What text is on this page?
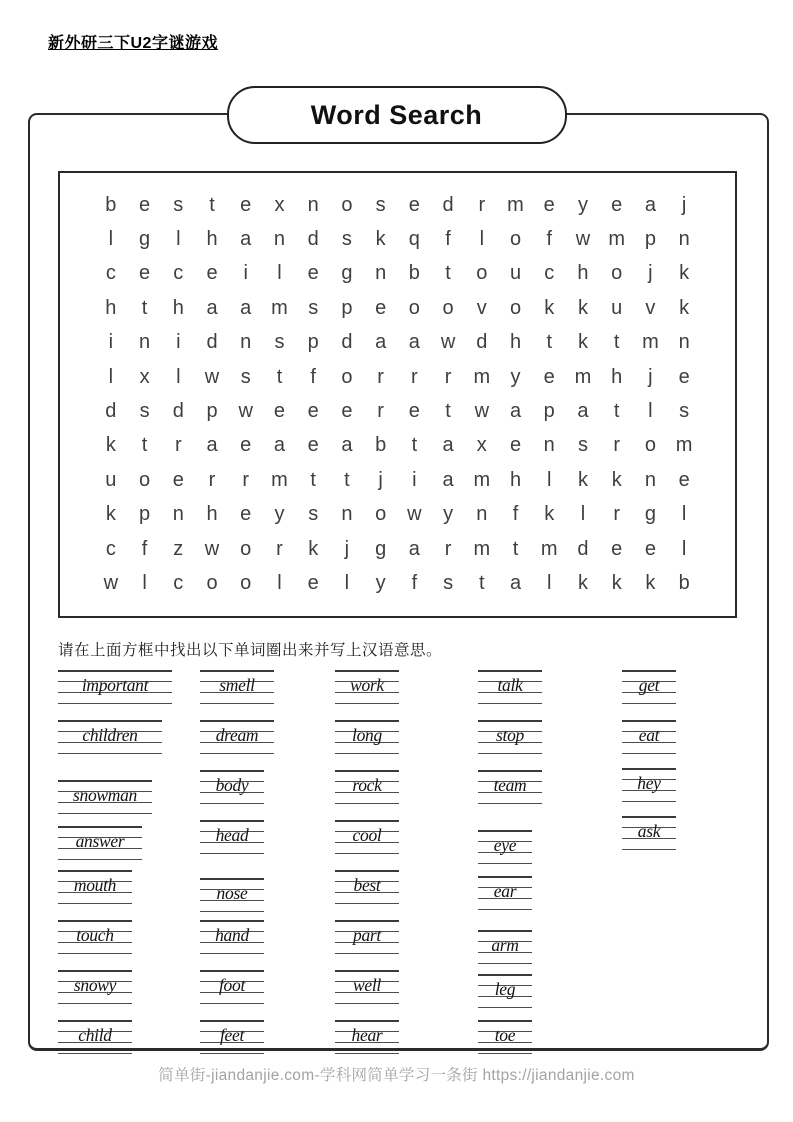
新外研三下U2字谜游戏
Word Search
b	e	s	t	e	x	n	o	s	e	d	r	m e	y	e	a	j
l	g	l	h	a	n	d	s	k	q	f	l	o	f	w m p	n
c	e	c	e	i	l	e	g	n	b	t	o	u	c	h	o	j	k
h	t	h	a	a m	s	p	e	o	o	v	o	k	k	u	v	k
i	n	i	d	n	s	p	d	a	a	w	d	h	t	k	t	m n
l	x	l	w	s	t	f	o	r	r	r	m	y	e m h	j	e
d	s	d	p	w	e	e	e	r	e	t	w	a	p	a	t	l	s
k	t	r	a	e	a	e	a	b	t	a	x	e	n	s	r	o m
u	o	e	r	r	m	t	t	j	i	a m h	l	k	k	n	e
k	p	n	h	e	y	s	n	o	w	y	n	f	k	l	r	g	l
c	f	z	w	o	r	k	j	g	a	r	m	t	m d	e	e	l
w	l	c	o	o	l	e	l	y	f	s	t	a	l	k	k	k	b
请在上面方框中找出以下单词圈出来并写上汉语意思。
important	smell	work	talk	get
children	dream	long	stop	eat
snowman	body	rock	team	hey
answer	head	cool	eye
ask
mouth	nose	best	ear
touch	hand	part	arm
snowy	foot	well	leg
child	feet	hear	toe
简单街-jiandanjie.com-学科网简单学习一条街 https://jiandanjie.com
